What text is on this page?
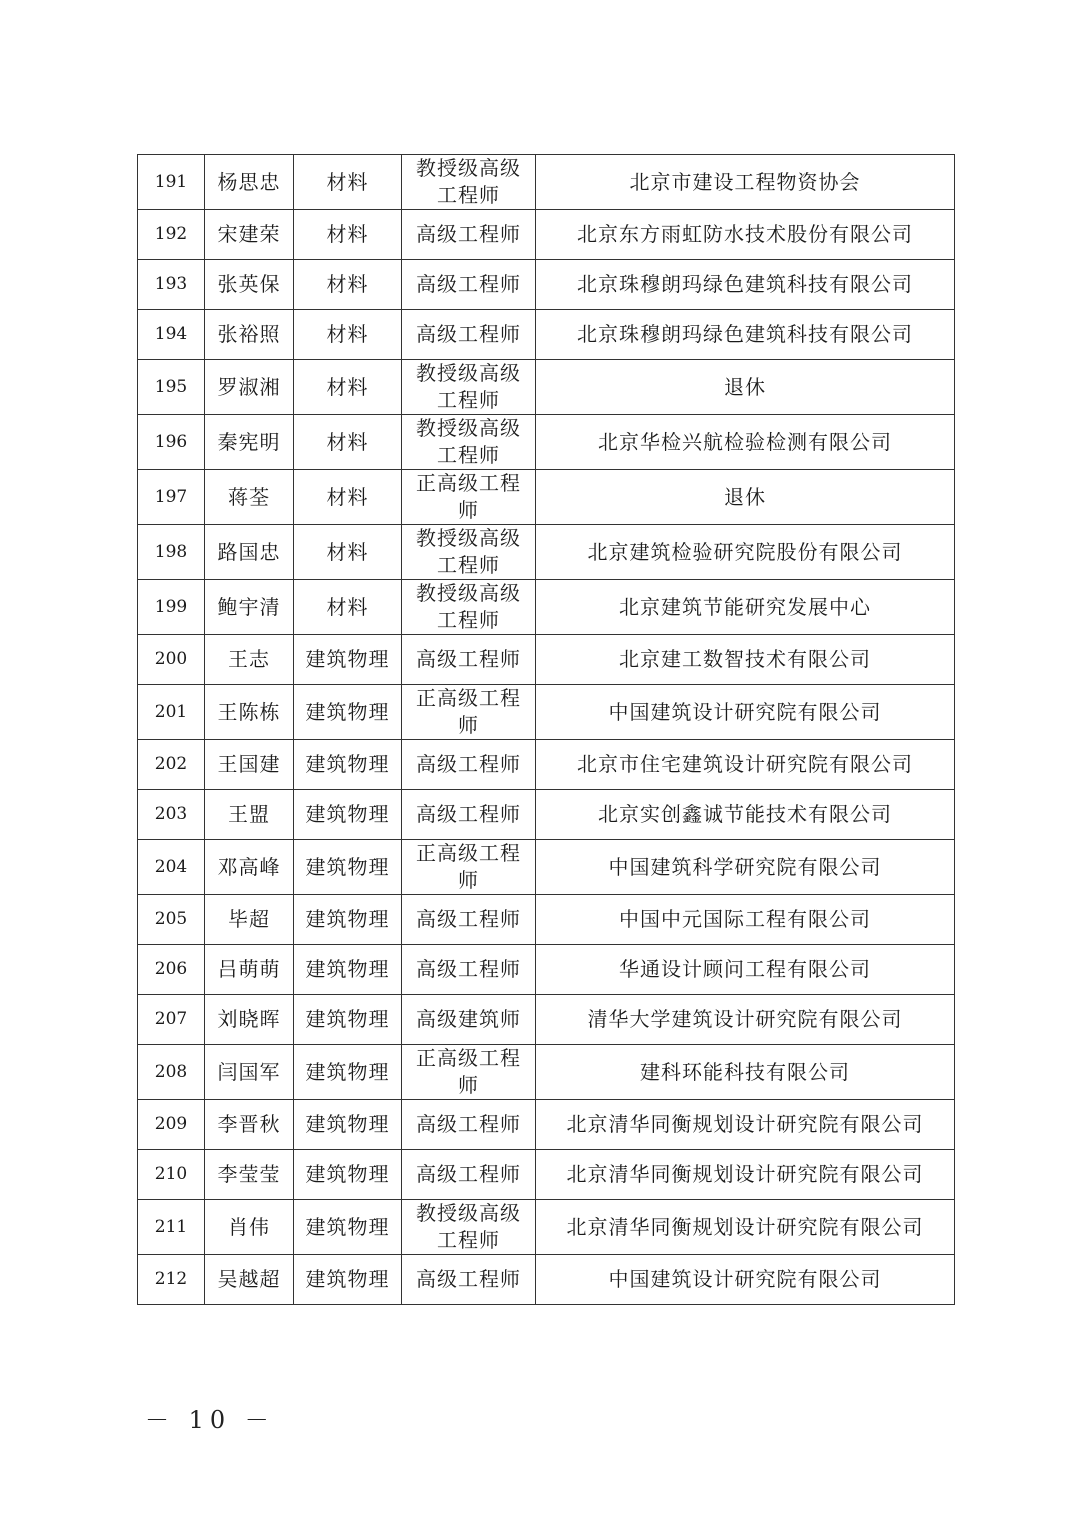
191	杨思忠	材料	教授级高级工程师	北京市建设工程物资协会
192	宋建荣	材料	高级工程师	北京东方雨虹防水技术股份有限公司
193	张英保	材料	高级工程师	北京珠穆朗玛绿色建筑科技有限公司
194	张裕照	材料	高级工程师	北京珠穆朗玛绿色建筑科技有限公司
195	罗淑湘	材料	教授级高级工程师	退休
196	秦宪明	材料	教授级高级工程师	北京华检兴航检验检测有限公司
197	蒋荃	材料	正高级工程师	退休
198	路国忠	材料	教授级高级工程师	北京建筑检验研究院股份有限公司
199	鲍宇清	材料	教授级高级工程师	北京建筑节能研究发展中心
200	王志	建筑物理	高级工程师	北京建工数智技术有限公司
201	王陈栋	建筑物理	正高级工程师	中国建筑设计研究院有限公司
202	王国建	建筑物理	高级工程师	北京市住宅建筑设计研究院有限公司
203	王盟	建筑物理	高级工程师	北京实创鑫诚节能技术有限公司
204	邓高峰	建筑物理	正高级工程师	中国建筑科学研究院有限公司
205	毕超	建筑物理	高级工程师	中国中元国际工程有限公司
206	吕萌萌	建筑物理	高级工程师	华通设计顾问工程有限公司
207	刘晓晖	建筑物理	高级建筑师	清华大学建筑设计研究院有限公司
208	闫国军	建筑物理	正高级工程师	建科环能科技有限公司
209	李晋秋	建筑物理	高级工程师	北京清华同衡规划设计研究院有限公司
210	李莹莹	建筑物理	高级工程师	北京清华同衡规划设计研究院有限公司
211	肖伟	建筑物理	教授级高级工程师	北京清华同衡规划设计研究院有限公司
212	吴越超	建筑物理	高级工程师	中国建筑设计研究院有限公司
－ 10 －
